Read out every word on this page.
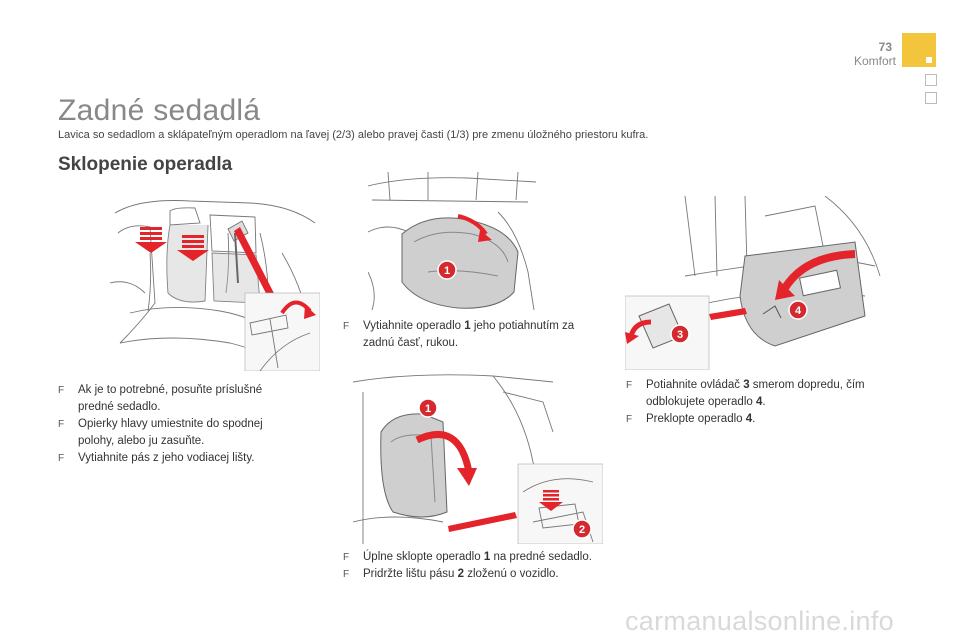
73
Komfort
Zadné sedadlá
Lavica so sedadlom a sklápateľným operadlom na ľavej (2/3) alebo pravej časti (1/3) pre zmenu úložného priestoru kufra.
Sklopenie operadla
1
1
2
4
3
F Ak je to potrebné, posuňte príslušné predné sedadlo.
F Opierky hlavy umiestnite do spodnej polohy, alebo ju zasuňte.
F Vytiahnite pás z jeho vodiacej lišty.
F Vytiahnite operadlo 1 jeho potiahnutím za zadnú časť, rukou.
F Úplne sklopte operadlo 1 na predné sedadlo.
F Pridržte lištu pásu 2 zloženú o vozidlo.
F Potiahnite ovládač 3 smerom dopredu, čím odblokujete operadlo 4.
F Preklopte operadlo 4.
carmanualsonline.info
